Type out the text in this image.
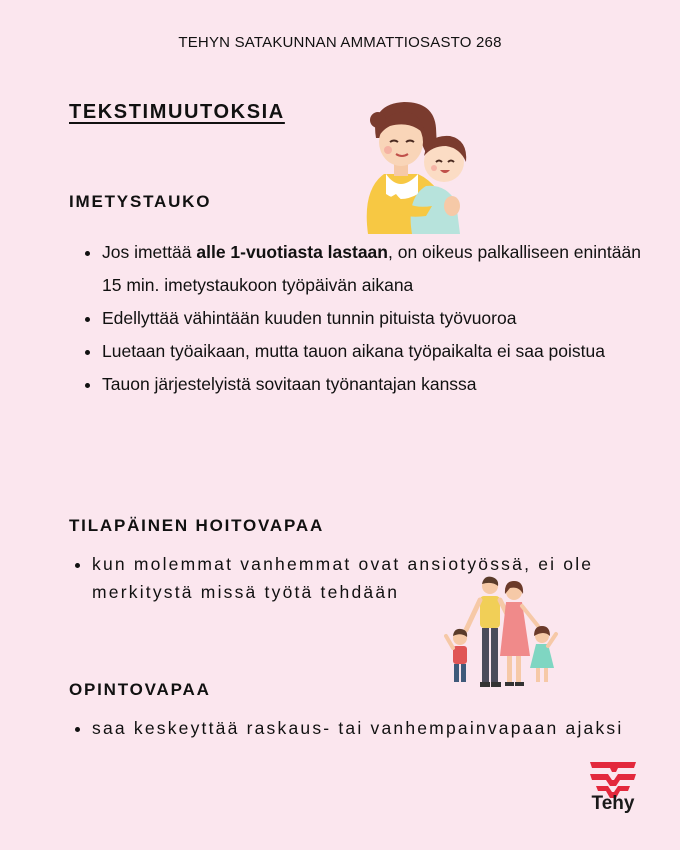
TEHYN SATAKUNNAN AMMATTIOSASTO 268
TEKSTIMUUTOKSIA
IMETYSTAUKO
• Jos imettää alle 1-vuotiasta lastaan, on oikeus palkalliseen enintään 15 min. imetystaukoon työpäivän aikana
• Edellyttää vähintään kuuden tunnin pituista työvuoroa
• Luetaan työaikaan, mutta tauon aikana työpaikalta ei saa poistua
• Tauon järjestelyistä sovitaan työnantajan kanssa
TILAPÄINEN HOITOVAPAA
• kun molemmat vanhemmat ovat ansiotyössä, ei ole merkitystä missä työtä tehdään
OPINTOVAPAA
• saa keskeyttää raskaus- tai vanhempainvapaan ajaksi
Tehy
